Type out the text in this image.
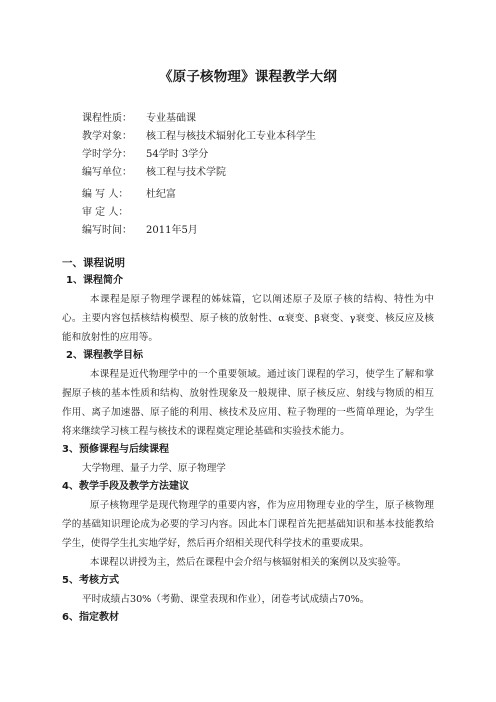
《原子核物理》课程教学大纲
课程性质：	专业基础课
教学对象：	核工程与核技术辐射化工专业本科学生
学时学分：	54学时 3学分
编写单位：	核工程与技术学院
编 写 人：	杜纪富
审 定 人：
编写时间：	2011年5月
一、课程说明
1、课程简介

本课程是原子物理学课程的姊妹篇，它以阐述原子及原子核的结构、特性为中心。主要内容包括核结构模型、原子核的放射性、α衰变、β衰变、γ衰变、核反应及核能和放射性的应用等。

2、课程教学目标

本课程是近代物理学中的一个重要领域。通过该门课程的学习，使学生了解和掌握原子核的基本性质和结构、放射性现象及一般规律、原子核反应、射线与物质的相互作用、离子加速器、原子能的利用、核技术及应用、粒子物理的一些简单理论，为学生将来继续学习核工程与核技术的课程奠定理论基础和实验技术能力。

3、预修课程与后续课程

大学物理、量子力学、原子物理学

4、教学手段及教学方法建议

原子核物理学是现代物理学的重要内容，作为应用物理专业的学生，原子核物理学的基础知识理论成为必要的学习内容。因此本门课程首先把基础知识和基本技能教给学生，使得学生扎实地学好，然后再介绍相关现代科学技术的重要成果。

本课程以讲授为主，然后在课程中会介绍与核辐射相关的案例以及实验等。

5、考核方式

平时成绩占30%（考勤、课堂表现和作业），闭卷考试成绩占70%。

6、指定教材
